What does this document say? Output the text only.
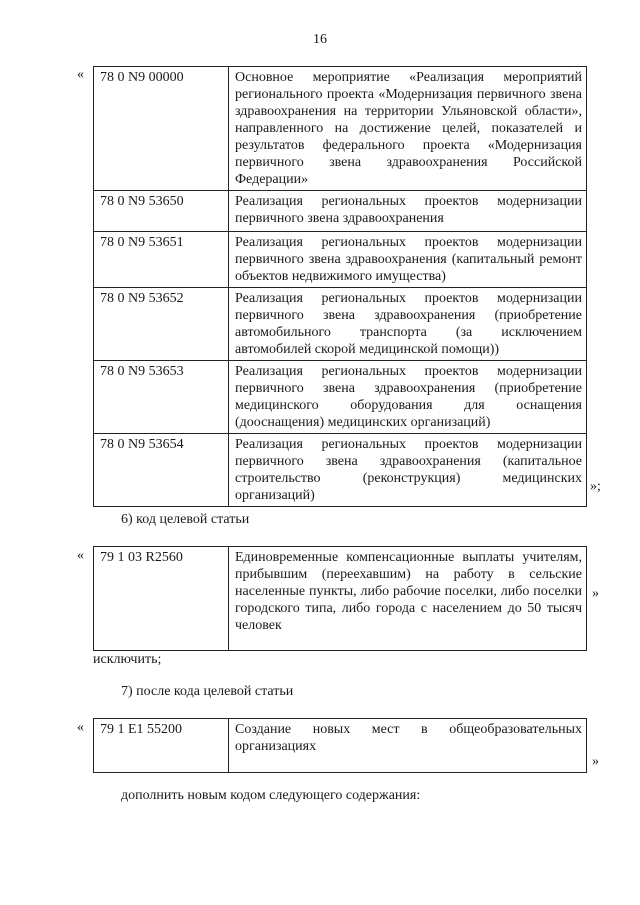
16
« 78 0 N9 00000	Основное мероприятие «Реализация мероприятий регионального проекта «Модернизация первичного звена здравоохранения на территории Ульяновской области», направленного на достижение целей, показателей и результатов федерального проекта «Модернизация первичного звена здравоохранения Российской Федерации»
78 0 N9 53650	Реализация региональных проектов модернизации первичного звена здравоохранения
78 0 N9 53651	Реализация региональных проектов модернизации первичного звена здравоохранения (капитальный ремонт объектов недвижимого имущества)
78 0 N9 53652	Реализация региональных проектов модернизации первичного звена здравоохранения (приобретение автомобильного транспорта (за исключением автомобилей скорой медицинской помощи))
78 0 N9 53653	Реализация региональных проектов модернизации первичного звена здравоохранения (приобретение медицинского оборудования для оснащения (дооснащения) медицинских организаций)
78 0 N9 53654	Реализация региональных проектов модернизации первичного звена здравоохранения (капитальное строительство (реконструкция) медицинских организаций)
»;
6) код целевой статьи
« 79 1 03 R2560	Единовременные компенсационные выплаты учителям, прибывшим (переехавшим) на работу в сельские населенные пункты, либо рабочие поселки, либо поселки городского типа, либо города с населением до 50 тысяч человек
»
исключить;
7) после кода целевой статьи
« 79 1 E1 55200	Создание новых мест в общеобразовательных организациях
»
дополнить новым кодом следующего содержания:
